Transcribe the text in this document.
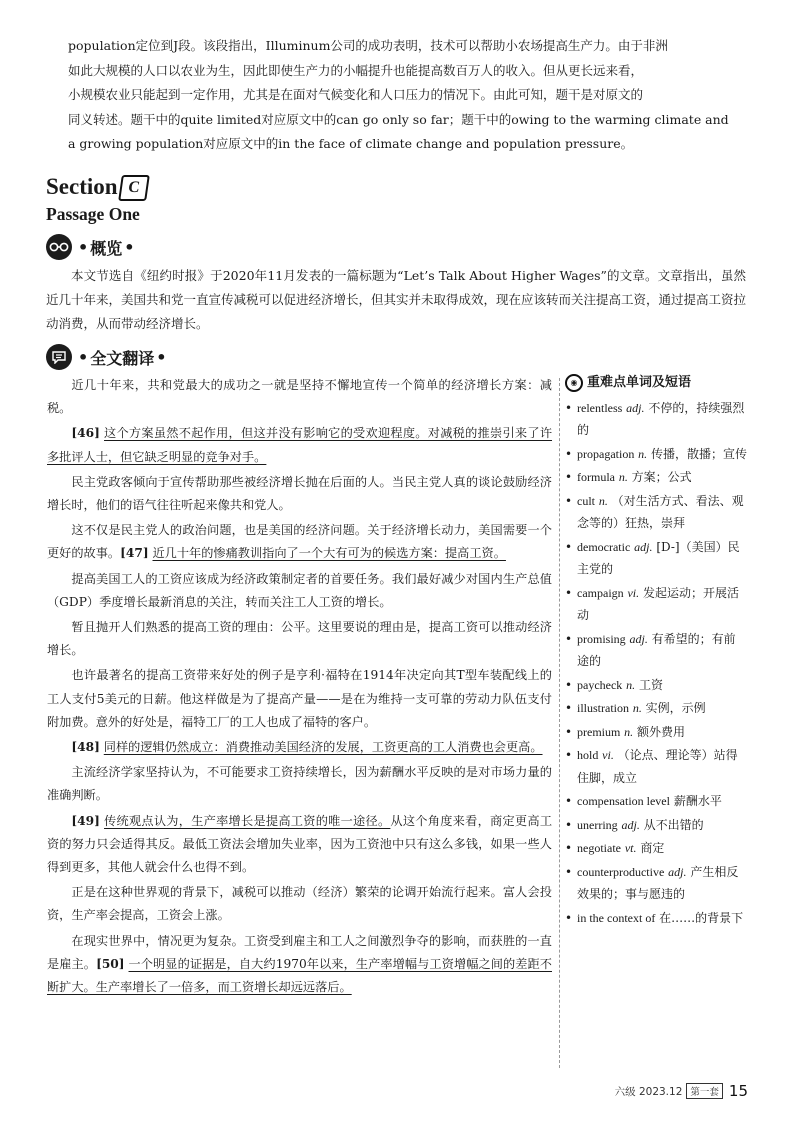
population定位到J段。该段指出，Illuminum公司的成功表明，技术可以帮助小农场提高生产力。由于非洲

如此大规模的人口以农业为生，因此即使生产力的小幅提升也能提高数百万人的收入。但从更长远来看，

小规模农业只能起到一定作用，尤其是在面对气候变化和人口压力的情况下。由此可知，题干是对原文的

同义转述。题干中的quite limited对应原文中的can go only so far；题干中的owing to the warming climate and

a growing population对应原文中的in the face of climate change and population pressure。

Section C
Passage One
• 概览 •

本文节选自《纽约时报》于2020年11月发表的一篇标题为“Let’s Talk About Higher Wages”的文章。文章指出，虽然近几十年来，美国共和党一直宣传减税可以促进经济增长，但其实并未取得成效，现在应该转而关注提高工资，通过提高工资拉动消费，从而带动经济增长。

• 全文翻译 •

近几十年来，共和党最大的成功之一就是坚持不懈地宣传一个简单的经济增长方案：减税。

[46] 这个方案虽然不起作用，但这并没有影响它的受欢迎程度。对减税的推崇引来了许多批评人士，但它缺乏明显的竞争对手。

民主党政客倾向于宣传帮助那些被经济增长抛在后面的人。当民主党人真的谈论鼓励经济增长时，他们的语气往往听起来像共和党人。

这不仅是民主党人的政治问题，也是美国的经济问题。关于经济增长动力，美国需要一个更好的故事。[47] 近几十年的惨痛教训指向了一个大有可为的候选方案：提高工资。

提高美国工人的工资应该成为经济政策制定者的首要任务。我们最好减少对国内生产总值（GDP）季度增长最新消息的关注，转而关注工人工资的增长。

暂且抛开人们熟悉的提高工资的理由：公平。这里要说的理由是，提高工资可以推动经济增长。

也许最著名的提高工资带来好处的例子是亨利·福特在1914年决定向其T型车装配线上的工人支付5美元的日薪。他这样做是为了提高产量——是在为维持一支可靠的劳动力队伍支付附加费。意外的好处是，福特工厂的工人也成了福特的客户。

[48] 同样的逻辑仍然成立：消费推动美国经济的发展，工资更高的工人消费也会更高。

主流经济学家坚持认为，不可能要求工资持续增长，因为薪酬水平反映的是对市场力量的准确判断。

[49] 传统观点认为，生产率增长是提高工资的唯一途径。从这个角度来看，商定更高工资的努力只会适得其反。最低工资法会增加失业率，因为工资池中只有这么多钱，如果一些人得到更多，其他人就会什么也得不到。

正是在这种世界观的背景下，减税可以推动（经济）繁荣的论调开始流行起来。富人会投资，生产率会提高，工资会上涨。

在现实世界中，情况更为复杂。工资受到雇主和工人之间激烈争夺的影响，而获胜的一直是雇主。[50] 一个明显的证据是，自大约1970年以来，生产率增幅与工资增幅之间的差距不断扩大。生产率增长了一倍多，而工资增长却远远落后。

◉ 重难点单词及短语
• relentless adj. 不停的，持续强烈的
• propagation n. 传播，散播；宣传
• formula n. 方案；公式
• cult n. （对生活方式、看法、观念等的）狂热，崇拜
• democratic adj. [D-]（美国）民主党的
• campaign vi. 发起运动；开展活动
• promising adj. 有希望的；有前途的
• paycheck n. 工资
• illustration n. 实例，示例
• premium n. 额外费用
• hold vi. （论点、理论等）站得住脚，成立
• compensation level 薪酬水平
• unerring adj. 从不出错的
• negotiate vt. 商定
• counterproductive adj. 产生相反效果的；事与愿违的
• in the context of 在……的背景下
六级 2023.12 第一套 15
